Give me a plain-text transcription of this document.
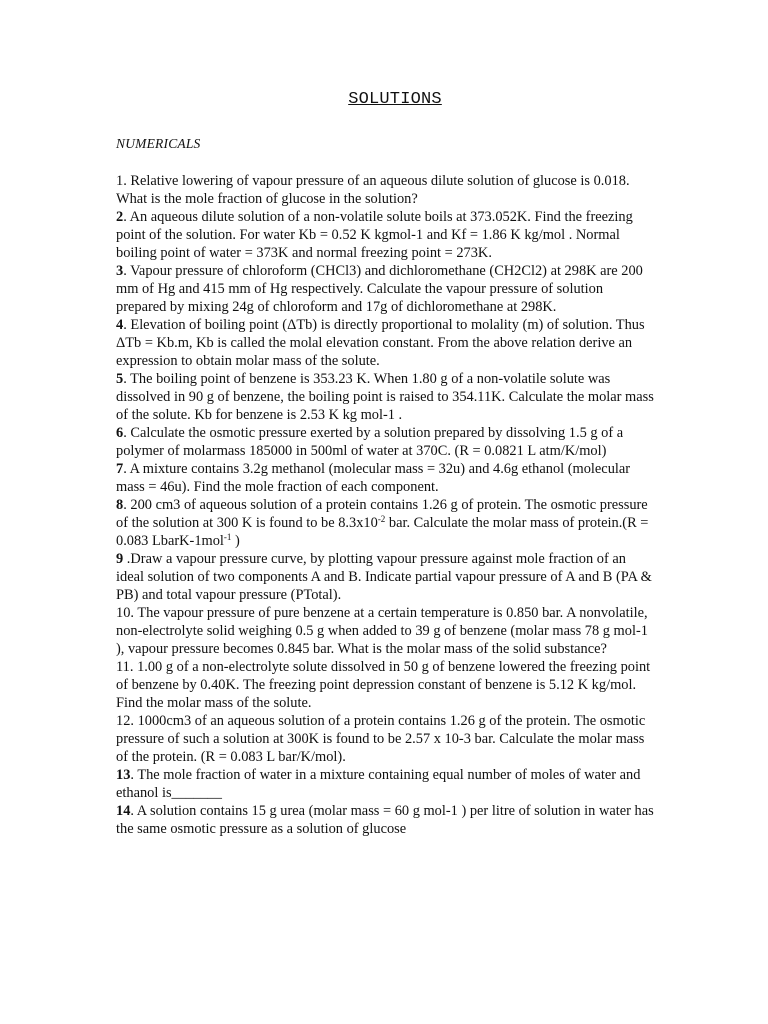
SOLUTIONS
NUMERICALS

1. Relative lowering of vapour pressure of an aqueous dilute solution of glucose is 0.018. What is the mole fraction of glucose in the solution?

2. An aqueous dilute solution of a non-volatile solute boils at 373.052K. Find the freezing point of the solution. For water Kb = 0.52 K kgmol-1 and Kf = 1.86 K kg/mol . Normal boiling point of water = 373K and normal freezing point = 273K.

3. Vapour pressure of chloroform (CHCl3) and dichloromethane (CH2Cl2) at 298K are 200 mm of Hg and 415 mm of Hg respectively. Calculate the vapour pressure of solution prepared by mixing 24g of chloroform and 17g of dichloromethane at 298K.

4. Elevation of boiling point (ΔTb) is directly proportional to molality (m) of solution. Thus ΔTb = Kb.m, Kb is called the molal elevation constant. From the above relation derive an expression to obtain molar mass of the solute.

5. The boiling point of benzene is 353.23 K. When 1.80 g of a non-volatile solute was dissolved in 90 g of benzene, the boiling point is raised to 354.11K. Calculate the molar mass of the solute. Kb for benzene is 2.53 K kg mol-1 .

6. Calculate the osmotic pressure exerted by a solution prepared by dissolving 1.5 g of a polymer of molarmass 185000 in 500ml of water at 370C. (R = 0.0821 L atm/K/mol)

7. A mixture contains 3.2g methanol (molecular mass = 32u) and 4.6g ethanol (molecular mass = 46u). Find the mole fraction of each component.

8. 200 cm3 of aqueous solution of a protein contains 1.26 g of protein. The osmotic pressure of the solution at 300 K is found to be $8.3x10^{-2}$ bar. Calculate the molar mass of protein.(R = 0.083 LbarK-1mol$^{-1}$ )

9 .Draw a vapour pressure curve, by plotting vapour pressure against mole fraction of an ideal solution of two components A and B. Indicate partial vapour pressure of A and B (PA & PB) and total vapour pressure (PTotal).

10. The vapour pressure of pure benzene at a certain temperature is 0.850 bar. A nonvolatile, non-electrolyte solid weighing 0.5 g when added to 39 g of benzene (molar mass 78 g mol-1 ), vapour pressure becomes 0.845 bar. What is the molar mass of the solid substance?

11. 1.00 g of a non-electrolyte solute dissolved in 50 g of benzene lowered the freezing point of benzene by 0.40K. The freezing point depression constant of benzene is 5.12 K kg/mol. Find the molar mass of the solute.

12. 1000cm3 of an aqueous solution of a protein contains 1.26 g of the protein. The osmotic pressure of such a solution at 300K is found to be 2.57 x 10-3 bar. Calculate the molar mass of the protein. (R = 0.083 L bar/K/mol).

13. The mole fraction of water in a mixture containing equal number of moles of water and ethanol is_______

14. A solution contains 15 g urea (molar mass = 60 g mol-1 ) per litre of solution in water has the same osmotic pressure as a solution of glucose
